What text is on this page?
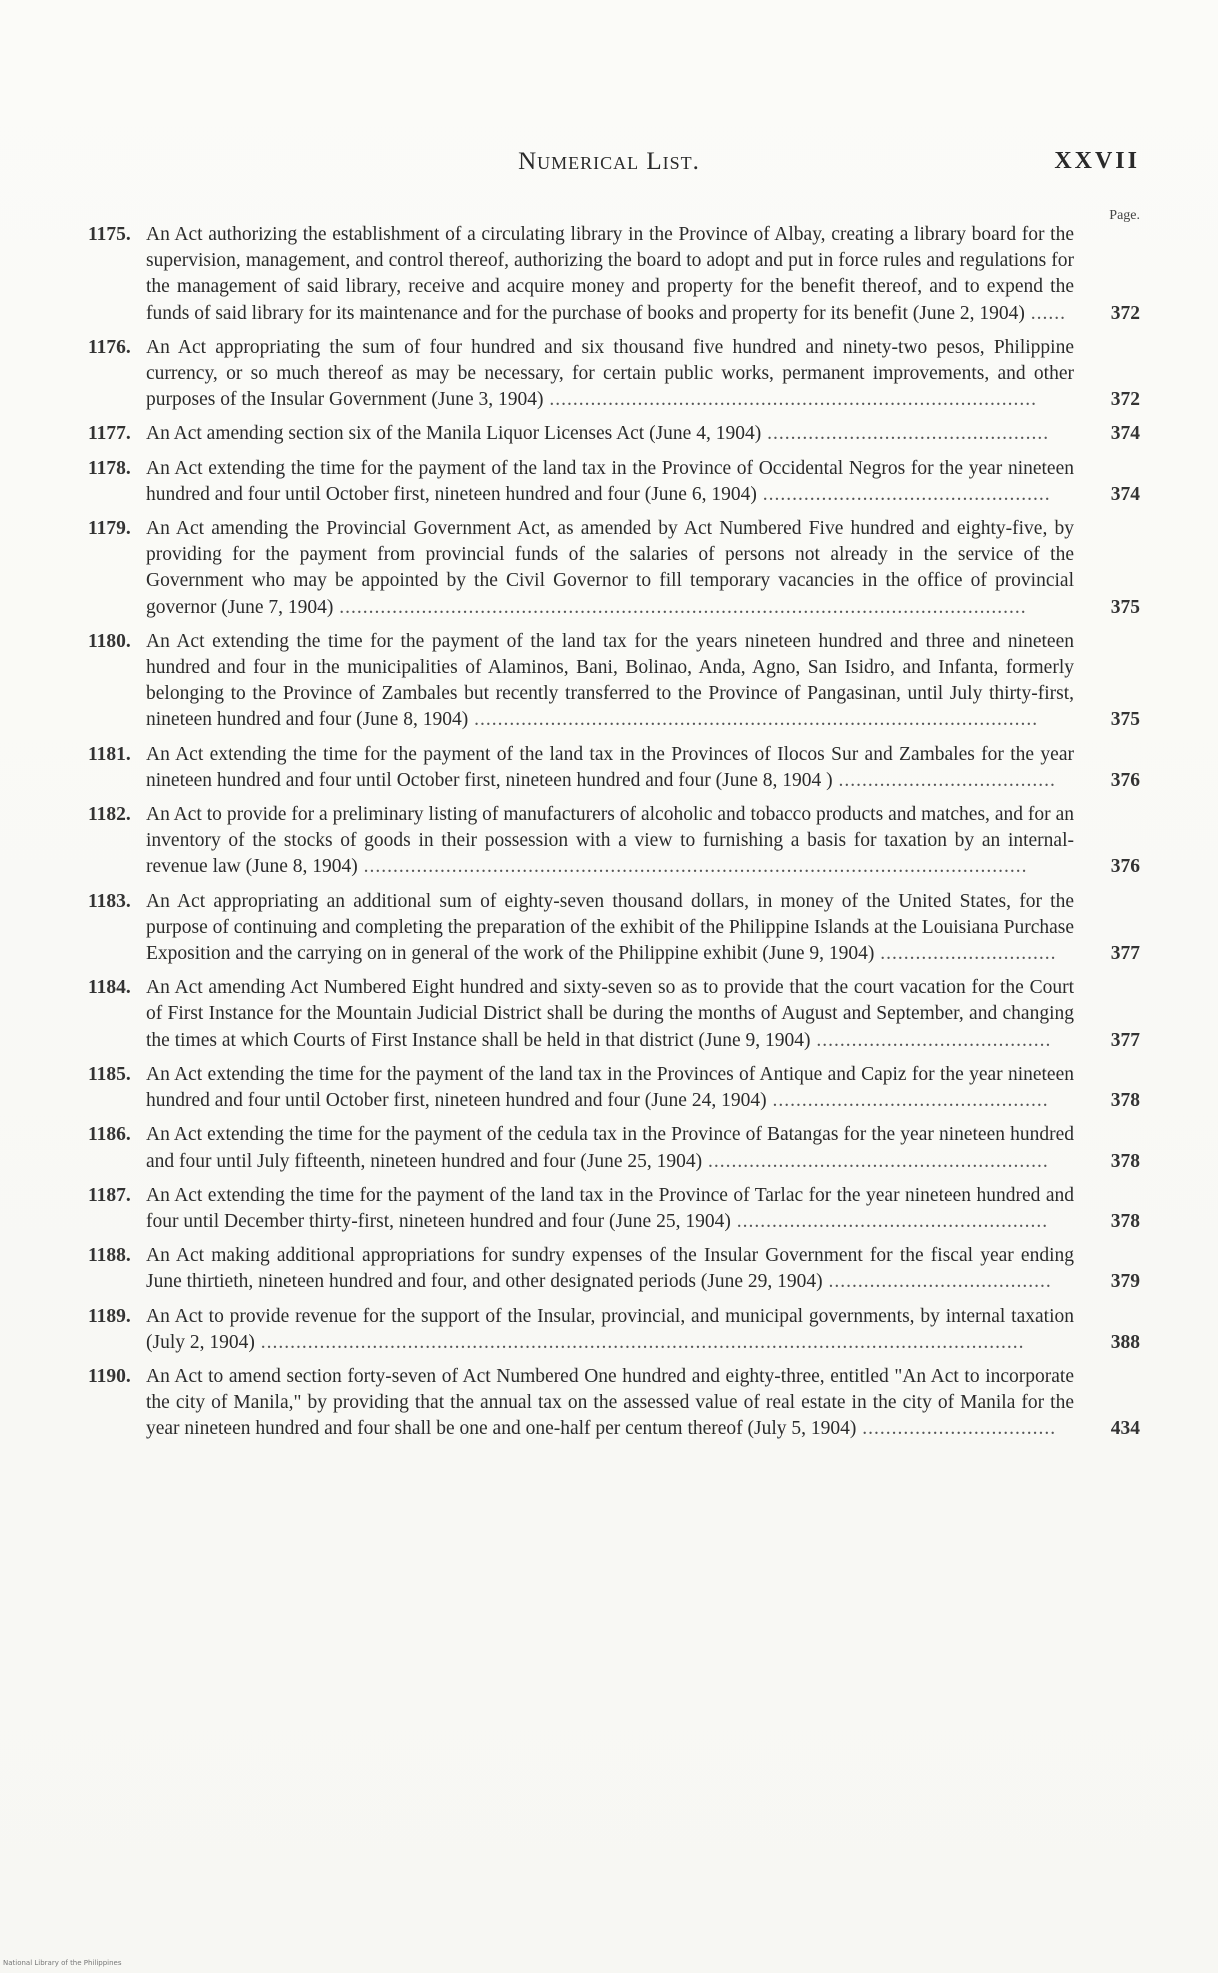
Numerical List.	XXVII
Page.
1175. An Act authorizing the establishment of a circulating library in the Province of Albay, creating a library board for the supervision, management, and control thereof, authorizing the board to adopt and put in force rules and regulations for the management of said library, receive and acquire money and property for the benefit thereof, and to expend the funds of said library for its maintenance and for the purchase of books and property for its benefit (June 2, 1904) ......	372
1176. An Act appropriating the sum of four hundred and six thousand five hundred and ninety-two pesos, Philippine currency, or so much thereof as may be necessary, for certain public works, permanent improvements, and other purposes of the Insular Government (June 3, 1904) ...................................................................................	372
1177. An Act amending section six of the Manila Liquor Licenses Act (June 4, 1904) ................................................	374
1178. An Act extending the time for the payment of the land tax in the Province of Occidental Negros for the year nineteen hundred and four until October first, nineteen hundred and four (June 6, 1904) .................................................	374
1179. An Act amending the Provincial Government Act, as amended by Act Numbered Five hundred and eighty-five, by providing for the payment from provincial funds of the salaries of persons not already in the service of the Government who may be appointed by the Civil Governor to fill temporary vacancies in the office of provincial governor (June 7, 1904) .....................................................................................................................	375
1180. An Act extending the time for the payment of the land tax for the years nineteen hundred and three and nineteen hundred and four in the municipalities of Alaminos, Bani, Bolinao, Anda, Agno, San Isidro, and Infanta, formerly belonging to the Province of Zambales but recently transferred to the Province of Pangasinan, until July thirty-first, nineteen hundred and four (June 8, 1904) ................................................................................................	375
1181. An Act extending the time for the payment of the land tax in the Provinces of Ilocos Sur and Zambales for the year nineteen hundred and four until October first, nineteen hundred and four (June 8, 1904 ) .....................................	376
1182. An Act to provide for a preliminary listing of manufacturers of alcoholic and tobacco products and matches, and for an inventory of the stocks of goods in their possession with a view to furnishing a basis for taxation by an internal-revenue law (June 8, 1904) .................................................................................................................	376
1183. An Act appropriating an additional sum of eighty-seven thousand dollars, in money of the United States, for the purpose of continuing and completing the preparation of the exhibit of the Philippine Islands at the Louisiana Purchase Exposition and the carrying on in general of the work of the Philippine exhibit (June 9, 1904) ..............................	377
1184. An Act amending Act Numbered Eight hundred and sixty-seven so as to provide that the court vacation for the Court of First Instance for the Mountain Judicial District shall be during the months of August and September, and changing the times at which Courts of First Instance shall be held in that district (June 9, 1904) ........................................	377
1185. An Act extending the time for the payment of the land tax in the Provinces of Antique and Capiz for the year nineteen hundred and four until October first, nineteen hundred and four (June 24, 1904) ...............................................	378
1186. An Act extending the time for the payment of the cedula tax in the Province of Batangas for the year nineteen hundred and four until July fifteenth, nineteen hundred and four (June 25, 1904) ..........................................................	378
1187. An Act extending the time for the payment of the land tax in the Province of Tarlac for the year nineteen hundred and four until December thirty-first, nineteen hundred and four (June 25, 1904) .....................................................	378
1188. An Act making additional appropriations for sundry expenses of the Insular Government for the fiscal year ending June thirtieth, nineteen hundred and four, and other designated periods (June 29, 1904) ......................................	379
1189. An Act to provide revenue for the support of the Insular, provincial, and municipal governments, by internal taxation (July 2, 1904) ..................................................................................................................................	388
1190. An Act to amend section forty-seven of Act Numbered One hundred and eighty-three, entitled "An Act to incorporate the city of Manila," by providing that the annual tax on the assessed value of real estate in the city of Manila for the year nineteen hundred and four shall be one and one-half per centum thereof (July 5, 1904) .................................	434
National Library of the Philippines
